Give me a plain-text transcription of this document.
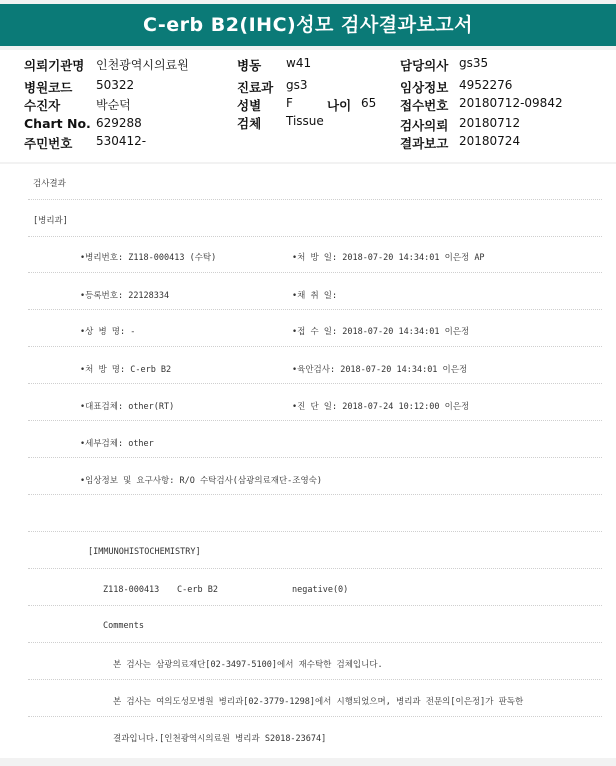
C-erb B2(IHC)성모 검사결과보고서
의뢰기관명 인천광역시의료원
병원코드 50322
수진자	박순덕
Chart No. 629288
주민번호 530412-
병동 w41
진료과 gs3
성별 F	나이 65
검체 Tissue
담당의사 gs35
임상정보 4952276
접수번호 20180712-09842
검사의뢰 20180712
결과보고 20180724
검사결과
[병리과]
•병리번호: Z118-000413 (수탁)	•처 방 일: 2018-07-20 14:34:01 이은정 AP
•등록번호: 22128334	•채 취 일:
•상 병 명: -	•접 수 일: 2018-07-20 14:34:01 이은정
•처 방 명: C-erb B2	•육안검사: 2018-07-20 14:34:01 이은정
•대표검체: other(RT)	•진 단 일: 2018-07-24 10:12:00 이은정
•세부검체: other
•임상정보 및 요구사항: R/O 수탁검사(삼광의료재단-조영숙)
[IMMUNOHISTOCHEMISTRY]
Z118-000413 C-erb B2	negative(0)
Comments
본 검사는 삼광의료재단[02-3497-5100]에서 재수탁한 검체입니다.
본 검사는 여의도성모병원 병리과[02-3779-1298]에서 시행되었으며, 병리과 전문의[이은정]가 판독한
결과입니다.[인천광역시의료원 병리과 S2018-23674]
